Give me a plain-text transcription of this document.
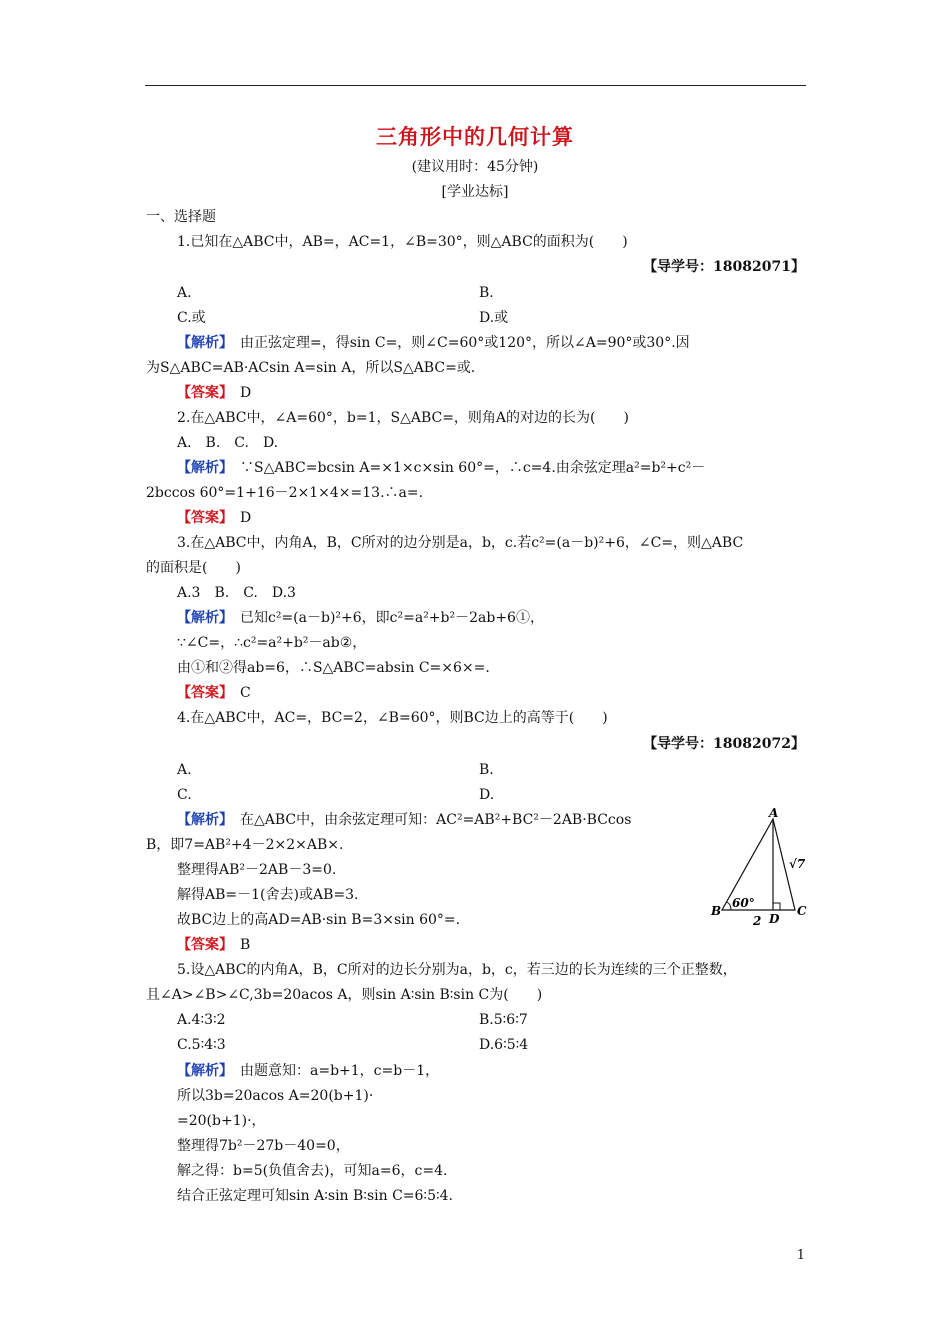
三角形中的几何计算
(建议用时：45分钟)
[学业达标]
一、选择题
1.已知在△ABC中，AB=，AC=1，∠B=30°，则△ABC的面积为(　　)
【导学号：18082071】
A.	B.
C.或	D.或
【解析】　 由正弦定理=，得sin C=，则∠C=60°或120°，所以∠A=90°或30°.因
为S△ABC=AB·ACsin A=sin A，所以S△ABC=或.
【答案】　 D
2.在△ABC中，∠A=60°，b=1，S△ABC=，则角A的对边的长为(　　)
A.　B.　C.　D.
【解析】　 ∵S△ABC=bcsin A=×1×c×sin 60°=，∴c=4.由余弦定理a²=b²+c²－
2bccos 60°=1+16－2×1×4×=13.∴a=.
【答案】　 D
3.在△ABC中，内角A，B，C所对的边分别是a，b，c.若c²=(a－b)²+6，∠C=，则△ABC
的面积是(　　)
A.3　B.　C.　D.3
【解析】　 已知c²=(a－b)²+6，即c²=a²+b²－2ab+6①，
∵∠C=，∴c²=a²+b²－ab②，
由①和②得ab=6，∴S△ABC=absin C=×6×=.
【答案】　 C
4.在△ABC中，AC=，BC=2，∠B=60°，则BC边上的高等于(　　)
【导学号：18082072】
A.	B.
C.	D.
【解析】　 在△ABC中，由余弦定理可知：AC²=AB²+BC²－2AB·BCcos
B，即7=AB²+4－2×2×AB×.
整理得AB²－2AB－3=0.
解得AB=－1(舍去)或AB=3.
故BC边上的高AD=AB·sin B=3×sin 60°=.
【答案】　 B
A
B	C
D
60°
√7
2
5.设△ABC的内角A，B，C所对的边长分别为a，b，c，若三边的长为连续的三个正整数，
且∠A>∠B>∠C,3b=20acos A，则sin A∶sin B∶sin C为(　　)
A.4∶3∶2	B.5∶6∶7
C.5∶4∶3	D.6∶5∶4
【解析】　 由题意知：a=b+1，c=b－1，
所以3b=20acos A=20(b+1)·
=20(b+1)·，
整理得7b²－27b－40=0，
解之得：b=5(负值舍去)，可知a=6，c=4.
结合正弦定理可知sin A∶sin B∶sin C=6∶5∶4.
1
